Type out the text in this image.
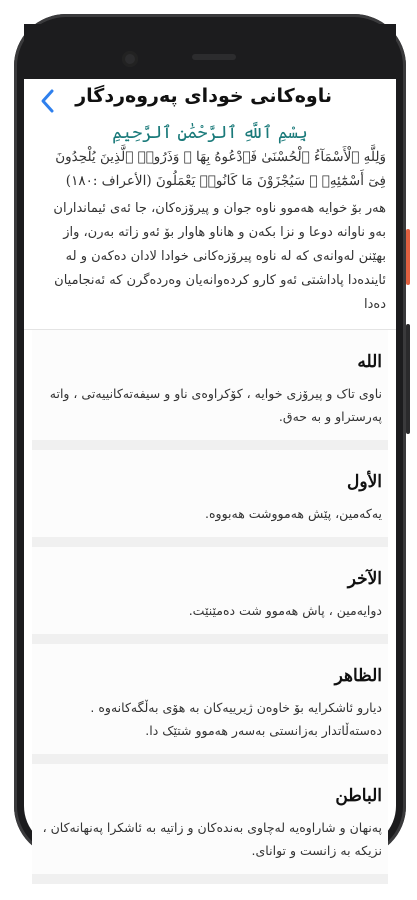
ناوەکانی خودای پەروەردگار

بِسْمِ ٱللَّهِ ٱلرَّحْمَٰنِ ٱلرَّحِيمِ

وَلِلَّهِ ٱلْأَسْمَآءُ ٱلْحُسْنَىٰ فَٱدْعُوهُ بِهَا ۖ وَذَرُوا۟ ٱلَّذِينَ يُلْحِدُونَ فِىٓ أَسْمَٰٓئِهِۦ ۚ سَيُجْزَوْنَ مَا كَانُوا۟ يَعْمَلُونَ (الأعراف :١٨٠)

هەر بۆ خوایە هەموو ناوە جوان و پیرۆزەکان، جا ئەی ئیمانداران بەو ناوانە دوعا و نزا بکەن و هاناو هاوار بۆ ئەو زاتە بەرن، واز بهێنن لەوانەی کە لە ناوە پیرۆزەکانی خوادا لادان دەکەن و لە ئایندەدا پاداشتی ئەو کارو کردەوانەیان وەردەگرن کە ئەنجامیان دەدا

الله

ناوی تاک و پیرۆزی خوایە ، کۆکراوەی ناو و سیفەتەکانییەتی ، واتە پەرستراو و بە حەق.

الأول

یەکەمین، پێش هەمووشت هەبووە.

الآخر

دوایەمین ، پاش هەموو شت دەمێنێت.

الظاهر

دیارو ئاشکرایە بۆ خاوەن ژیرییەکان بە هۆی بەڵگەکانەوە . دەستەڵاتدار بەزانستی بەسەر هەموو شتێک دا.

الباطن

پەنهان و شاراوەیە لەچاوی بەندەکان و زاتیە بە ئاشکرا پەنهانەکان ، نزیکە بە زانست و توانای.
